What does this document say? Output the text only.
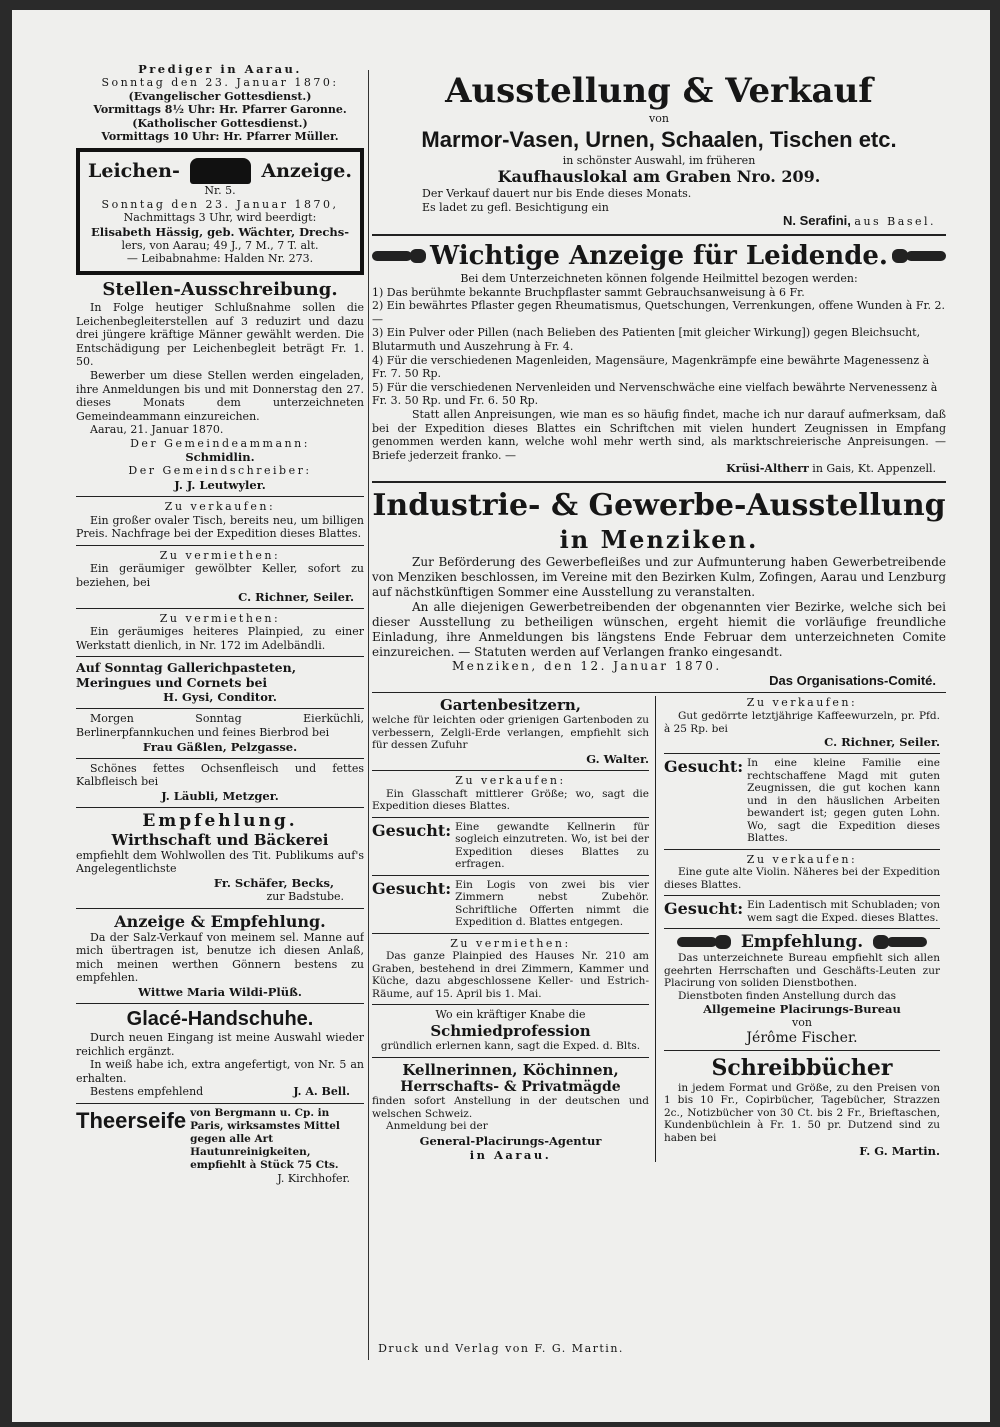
Prediger in Aarau.
Sonntag den 23. Januar 1870:
(Evangelischer Gottesdienst.)
Vormittags 8½ Uhr: Hr. Pfarrer Garonne.
(Katholischer Gottesdienst.)
Vormittags 10 Uhr: Hr. Pfarrer Müller.
Leichen-	Anzeige.
Nr. 5.
Sonntag den 23. Januar 1870,
Nachmittags 3 Uhr, wird beerdigt:
Elisabeth Hässig, geb. Wächter, Drechs-
lers, von Aarau; 49 J., 7 M., 7 T. alt.
— Leibabnahme: Halden Nr. 273.
Stellen-Ausschreibung.

In Folge heutiger Schlußnahme sollen die Leichenbegleiterstellen auf 3 reduzirt und dazu drei jüngere kräftige Männer gewählt werden. Die Entschädigung per Leichenbegleit beträgt Fr. 1. 50.

Bewerber um diese Stellen werden eingeladen, ihre Anmeldungen bis und mit Donnerstag den 27. dieses Monats dem unterzeichneten Gemeindeammann einzureichen.

Aarau, 21. Januar 1870.
Der Gemeindeammann:
Schmidlin.
Der Gemeindschreiber:
J. J. Leutwyler.
Zu verkaufen:

Ein großer ovaler Tisch, bereits neu, um billigen Preis. Nachfrage bei der Expedition dieses Blattes.

Zu vermiethen:

Ein geräumiger gewölbter Keller, sofort zu beziehen, bei

C. Richner, Seiler.
Zu vermiethen:

Ein geräumiges heiteres Plainpied, zu einer Werkstatt dienlich, in Nr. 172 im Adelbändli.

Auf Sonntag Gallerichpasteten, Meringues und Cornets bei

H. Gysi, Conditor.

Morgen Sonntag Eierküchli, Berlinerpfannkuchen und feines Bierbrod bei

Frau Gäßlen, Pelzgasse.

Schönes fettes Ochsenfleisch und fettes Kalbfleisch bei

J. Läubli, Metzger.
Empfehlung.
Wirthschaft und Bäckerei

empfiehlt dem Wohlwollen des Tit. Publikums auf's Angelegentlichste

Fr. Schäfer, Becks,
zur Badstube.
Anzeige & Empfehlung.

Da der Salz-Verkauf von meinem sel. Manne auf mich übertragen ist, benutze ich diesen Anlaß, mich meinen werthen Gönnern bestens zu empfehlen.

Wittwe Maria Wildi-Plüß.
Glacé-Handschuhe.

Durch neuen Eingang ist meine Auswahl wieder reichlich ergänzt.

In weiß habe ich, extra angefertigt, von Nr. 5 an erhalten.

Bestens empfehlend	J. A. Bell.
Theerseife von Bergmann u. Cp. in Paris, wirksamstes Mittel gegen alle Art Hautunreinigkeiten, empfiehlt à Stück 75 Cts.

J. Kirchhofer.
Ausstellung & Verkauf
von
Marmor-Vasen, Urnen, Schaalen, Tischen etc.
in schönster Auswahl, im früheren
Kaufhauslokal am Graben Nro. 209.
Der Verkauf dauert nur bis Ende dieses Monats.
Es ladet zu gefl. Besichtigung ein
N. Serafini, aus Basel.
Wichtige Anzeige für Leidende.
Bei dem Unterzeichneten können folgende Heilmittel bezogen werden:
1) Das berühmte bekannte Bruchpflaster sammt Gebrauchsanweisung à 6 Fr.
2) Ein bewährtes Pflaster gegen Rheumatismus, Quetschungen, Verrenkungen, offene Wunden à Fr. 2. —
3) Ein Pulver oder Pillen (nach Belieben des Patienten [mit gleicher Wirkung]) gegen Bleichsucht, Blutarmuth und Auszehrung à Fr. 4.
4) Für die verschiedenen Magenleiden, Magensäure, Magenkrämpfe eine bewährte Magenessenz à Fr. 7. 50 Rp.
5) Für die verschiedenen Nervenleiden und Nervenschwäche eine vielfach bewährte Nervenessenz à Fr. 3. 50 Rp. und Fr. 6. 50 Rp.

Statt allen Anpreisungen, wie man es so häufig findet, mache ich nur darauf aufmerksam, daß bei der Expedition dieses Blattes ein Schriftchen mit vielen hundert Zeugnissen in Empfang genommen werden kann, welche wohl mehr werth sind, als marktschreierische Anpreisungen. — Briefe jederzeit franko. —

Krüsi-Altherr in Gais, Kt. Appenzell.
Industrie- & Gewerbe-Ausstellung
in Menziken.

Zur Beförderung des Gewerbefleißes und zur Aufmunterung haben Gewerbetreibende von Menziken beschlossen, im Vereine mit den Bezirken Kulm, Zofingen, Aarau und Lenzburg auf nächstkünftigen Sommer eine Ausstellung zu veranstalten.

An alle diejenigen Gewerbetreibenden der obgenannten vier Bezirke, welche sich bei dieser Ausstellung zu betheiligen wünschen, ergeht hiemit die vorläufige freundliche Einladung, ihre Anmeldungen bis längstens Ende Februar dem unterzeichneten Comite einzureichen. — Statuten werden auf Verlangen franko eingesandt.

Menziken, den 12. Januar 1870.
Das Organisations-Comité.
Gartenbesitzern,

welche für leichten oder grienigen Gartenboden zu verbessern, Zelgli-Erde verlangen, empfiehlt sich für dessen Zufuhr

G. Walter.
Zu verkaufen:

Ein Glasschaft mittlerer Größe; wo, sagt die Expedition dieses Blattes.

Gesucht: Eine gewandte Kellnerin für sogleich einzutreten. Wo, ist bei der Expedition dieses Blattes zu erfragen.

Gesucht: Ein Logis von zwei bis vier Zimmern nebst Zubehör. Schriftliche Offerten nimmt die Expedition d. Blattes entgegen.

Zu vermiethen:

Das ganze Plainpied des Hauses Nr. 210 am Graben, bestehend in drei Zimmern, Kammer und Küche, dazu abgeschlossene Keller- und Estrich-Räume, auf 15. April bis 1. Mai.

Wo ein kräftiger Knabe die
Schmiedprofession
gründlich erlernen kann, sagt die Exped. d. Blts.
Kellnerinnen, Köchinnen,
Herrschafts- & Privatmägde

finden sofort Anstellung in der deutschen und welschen Schweiz.

Anmeldung bei der
General-Placirungs-Agentur
in Aarau.
Zu verkaufen:

Gut gedörrte letztjährige Kaffeewurzeln, pr. Pfd. à 25 Rp. bei

C. Richner, Seiler.
Gesucht: In eine kleine Familie eine rechtschaffene Magd mit guten Zeugnissen, die gut kochen kann und in den häuslichen Arbeiten bewandert ist; gegen guten Lohn. Wo, sagt die Expedition dieses Blattes.

Zu verkaufen:

Eine gute alte Violin. Näheres bei der Expedition dieses Blattes.

Gesucht: Ein Ladentisch mit Schubladen; von wem sagt die Exped. dieses Blattes.

Empfehlung.

Das unterzeichnete Bureau empfiehlt sich allen geehrten Herrschaften und Geschäfts-Leuten zur Placirung von soliden Dienstbothen.

Dienstboten finden Anstellung durch das

Allgemeine Placirungs-Bureau
von
Jérôme Fischer.
Schreibbücher

in jedem Format und Größe, zu den Preisen von 1 bis 10 Fr., Copirbücher, Tagebücher, Strazzen 2c., Notizbücher von 30 Ct. bis 2 Fr., Brieftaschen, Kundenbüchlein à Fr. 1. 50 pr. Dutzend sind zu haben bei

F. G. Martin.
Druck und Verlag von F. G. Martin.
